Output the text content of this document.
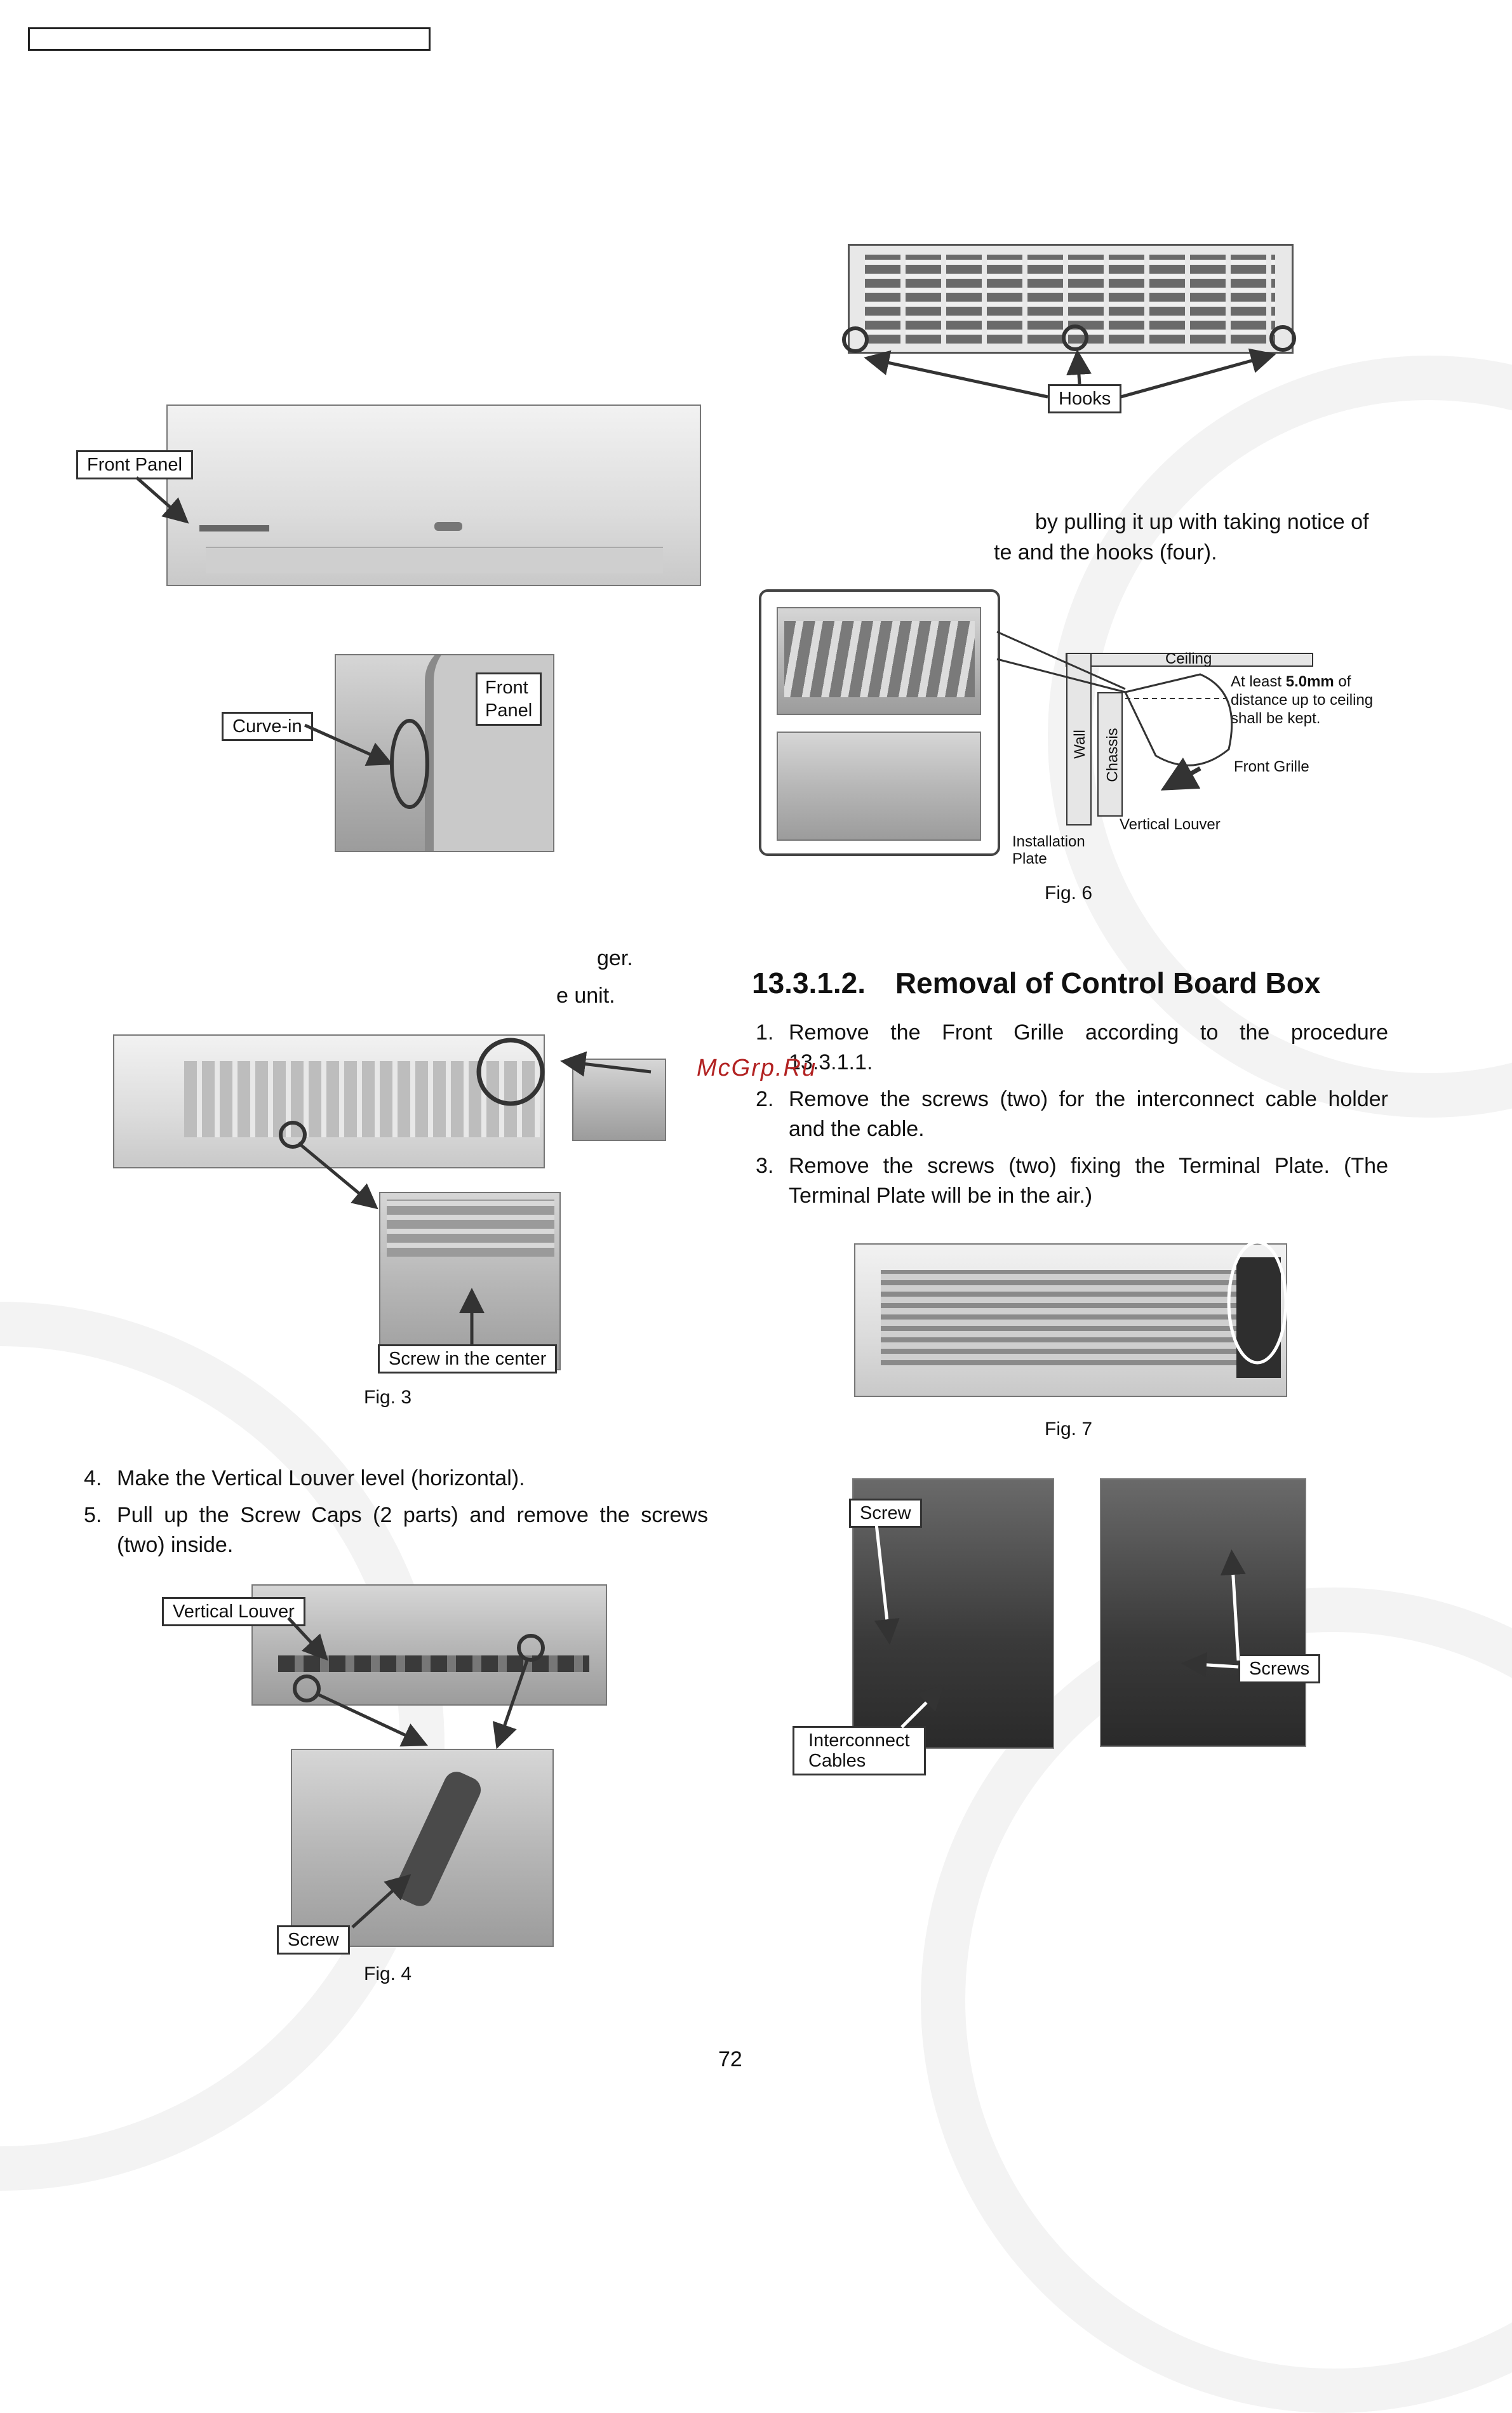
Front Panel
Curve-in
Front
Panel
ger.
e unit.
Screw in the center
Fig. 3
4. Make the Vertical Louver level (horizontal).
5. Pull up the Screw Caps (2 parts) and remove the screws
(two) inside.
Vertical Louver
Screw
Fig. 4
Hooks
by pulling it up with taking notice of
te and the hooks (four).
Ceiling
Wall Chassis
At least 5.0mm of
distance up to ceiling
shall be kept.
Front Grille
Vertical Louver
Installation
Plate
Fig. 6
13.3.1.2. Removal of Control Board Box
1. Remove the Front Grille according to the procedure
13.3.1.1.
2. Remove the screws (two) for the interconnect cable holder
and the cable.
3. Remove the screws (two) fixing the Terminal Plate. (The
Terminal Plate will be in the air.)
McGrp.Ru
Fig. 7
Screw
Interconnect
Cables
Screws
72
